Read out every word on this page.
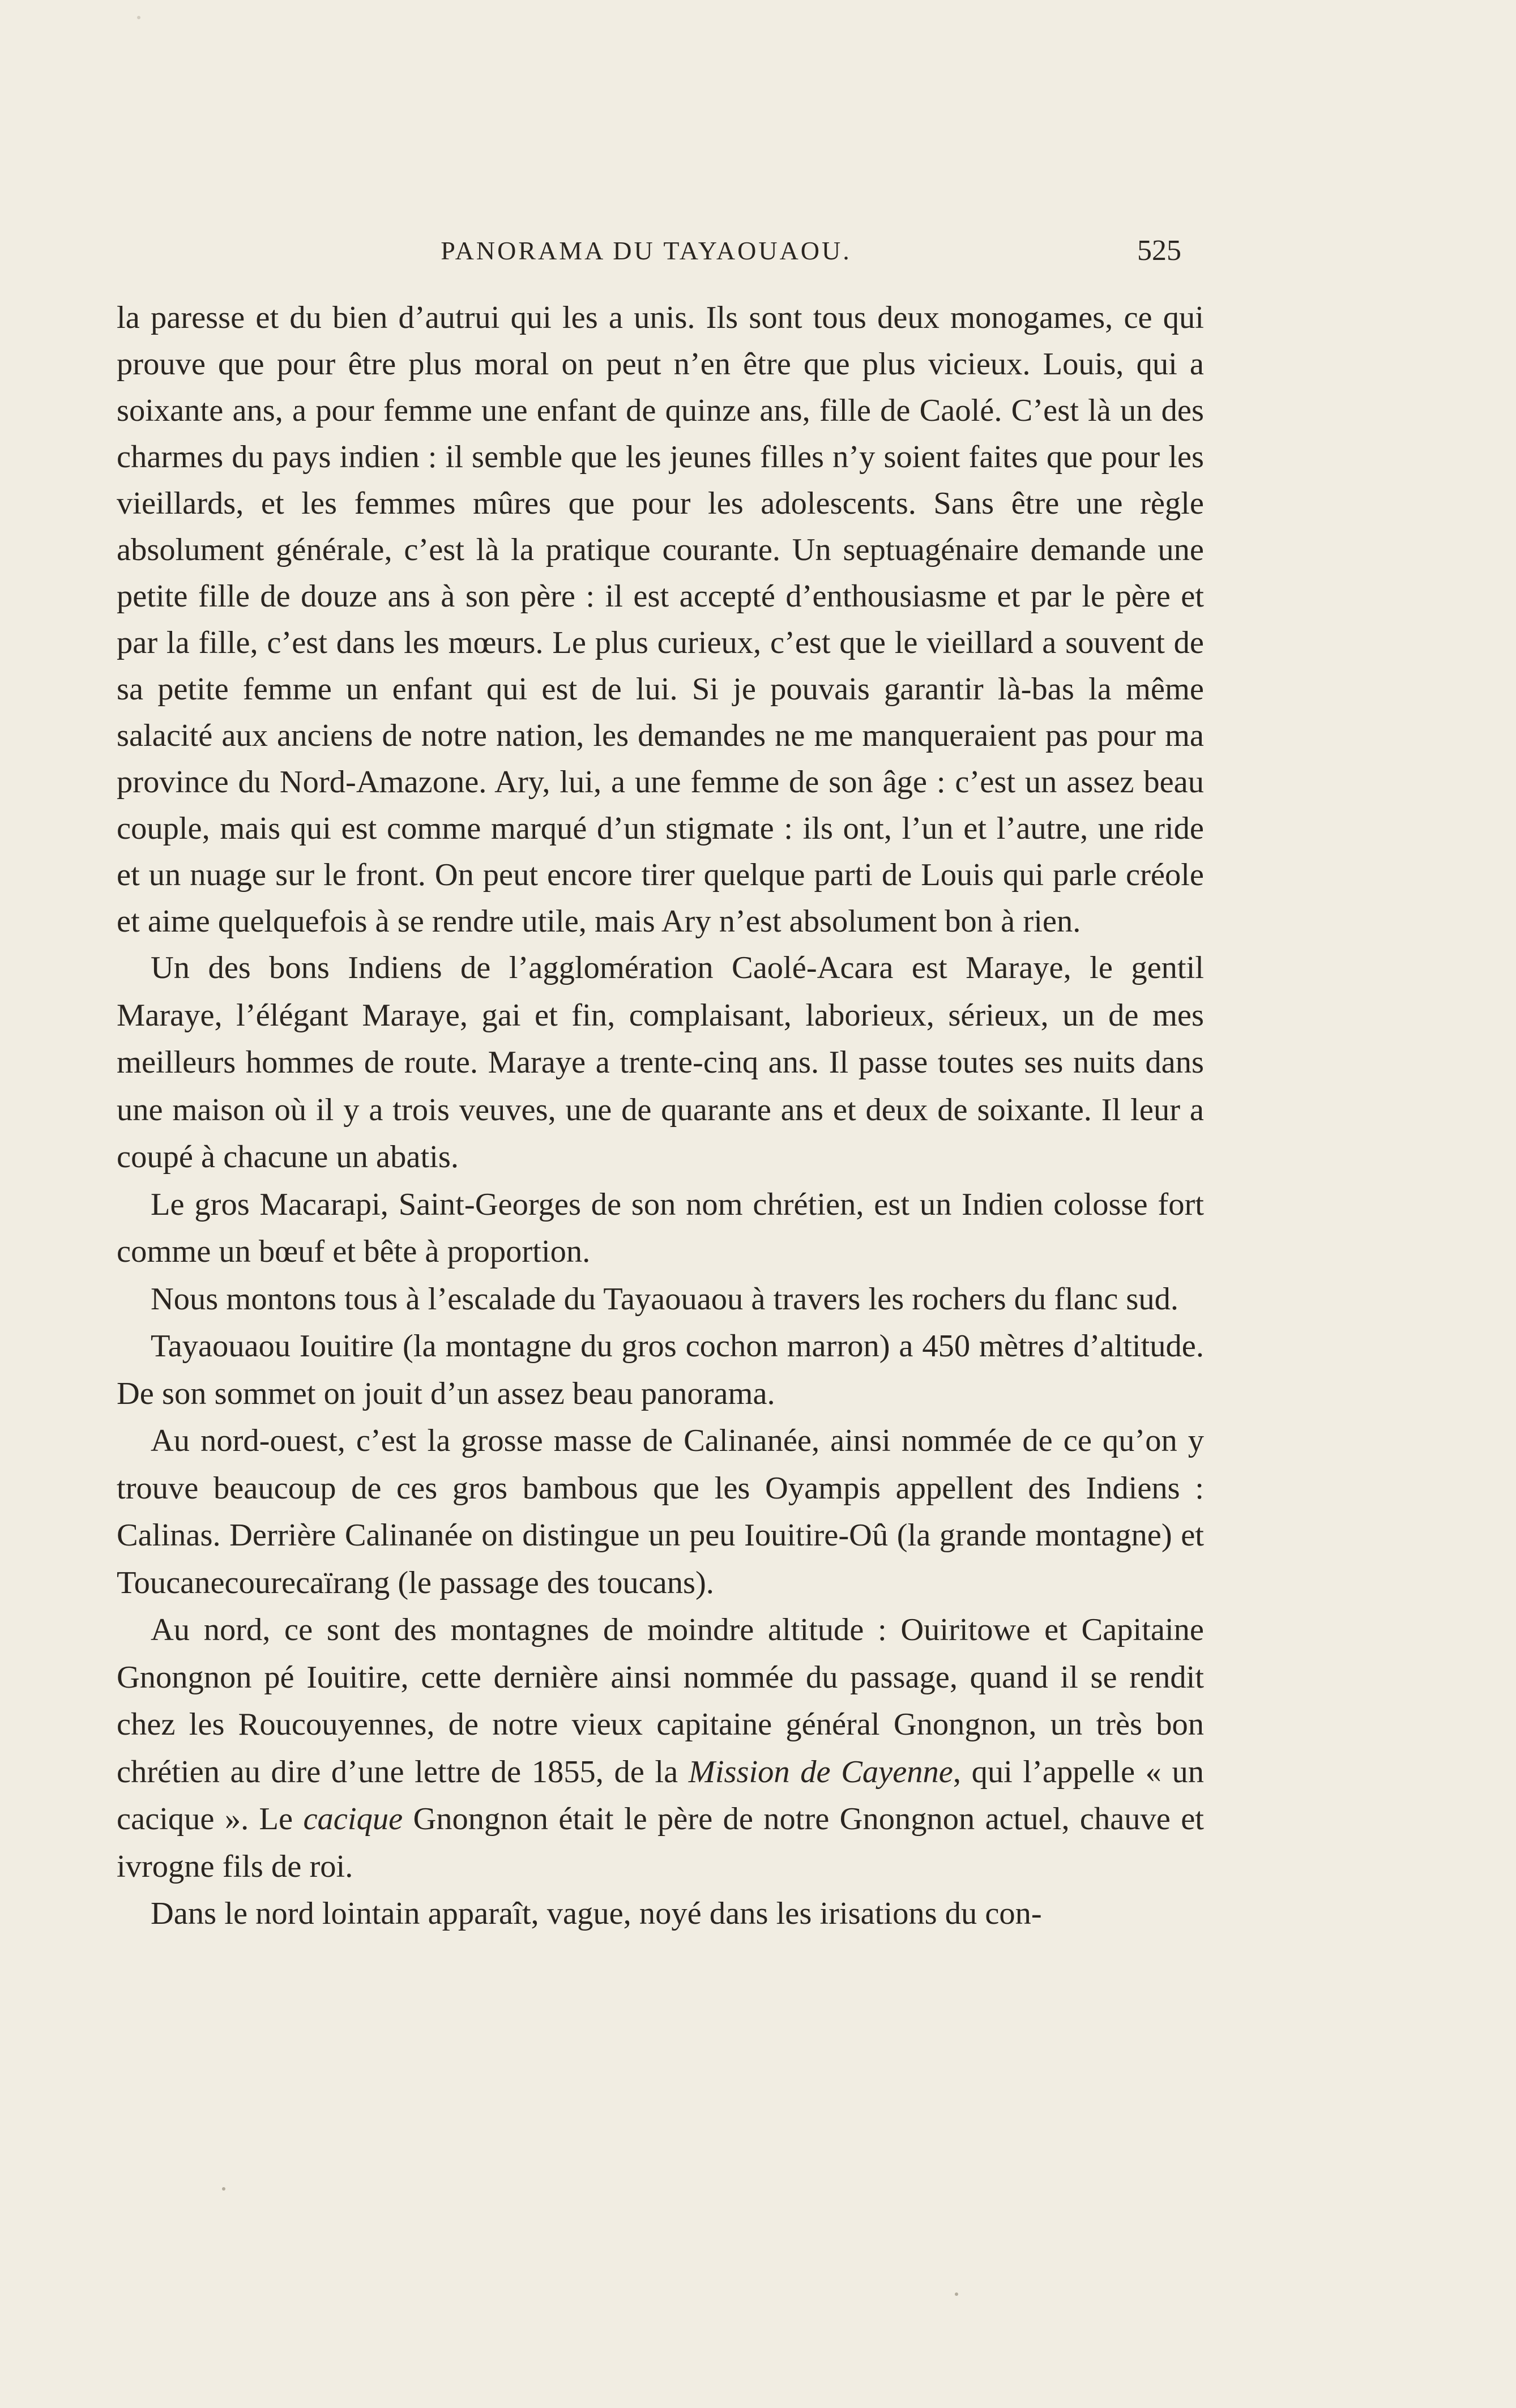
PANORAMA DU TAYAOUAOU.	525

la paresse et du bien d’autrui qui les a unis. Ils sont tous deux monogames, ce qui prouve que pour être plus moral on peut n’en être que plus vicieux. Louis, qui a soixante ans, a pour femme une enfant de quinze ans, fille de Caolé. C’est là un des charmes du pays indien : il semble que les jeunes filles n’y soient faites que pour les vieillards, et les femmes mûres que pour les adolescents. Sans être une règle absolument générale, c’est là la pratique courante. Un septuagénaire demande une petite fille de douze ans à son père : il est accepté d’enthousiasme et par le père et par la fille, c’est dans les mœurs. Le plus curieux, c’est que le vieillard a souvent de sa petite femme un enfant qui est de lui. Si je pouvais garantir là-bas la même salacité aux anciens de notre nation, les demandes ne me manqueraient pas pour ma province du Nord-Amazone. Ary, lui, a une femme de son âge : c’est un assez beau couple, mais qui est comme marqué d’un stigmate : ils ont, l’un et l’autre, une ride et un nuage sur le front. On peut encore tirer quelque parti de Louis qui parle créole et aime quelquefois à se rendre utile, mais Ary n’est absolument bon à rien.

Un des bons Indiens de l’agglomération Caolé-Acara est Maraye, le gentil Maraye, l’élégant Maraye, gai et fin, complaisant, laborieux, sérieux, un de mes meilleurs hommes de route. Maraye a trente-cinq ans. Il passe toutes ses nuits dans une maison où il y a trois veuves, une de quarante ans et deux de soixante. Il leur a coupé à chacune un abatis.

Le gros Macarapi, Saint-Georges de son nom chrétien, est un Indien colosse fort comme un bœuf et bête à proportion.

Nous montons tous à l’escalade du Tayaouaou à travers les rochers du flanc sud.

Tayaouaou Iouitire (la montagne du gros cochon marron) a 450 mètres d’altitude. De son sommet on jouit d’un assez beau panorama.

Au nord-ouest, c’est la grosse masse de Calinanée, ainsi nommée de ce qu’on y trouve beaucoup de ces gros bambous que les Oyampis appellent des Indiens : Calinas. Derrière Calinanée on distingue un peu Iouitire-Oû (la grande montagne) et Toucanecourecaïrang (le passage des toucans).

Au nord, ce sont des montagnes de moindre altitude : Ouiritowe et Capitaine Gnongnon pé Iouitire, cette dernière ainsi nommée du passage, quand il se rendit chez les Roucouyennes, de notre vieux capitaine général Gnongnon, un très bon chrétien au dire d’une lettre de 1855, de la Mission de Cayenne, qui l’appelle « un cacique ». Le cacique Gnongnon était le père de notre Gnongnon actuel, chauve et ivrogne fils de roi.

Dans le nord lointain apparaît, vague, noyé dans les irisations du con-
